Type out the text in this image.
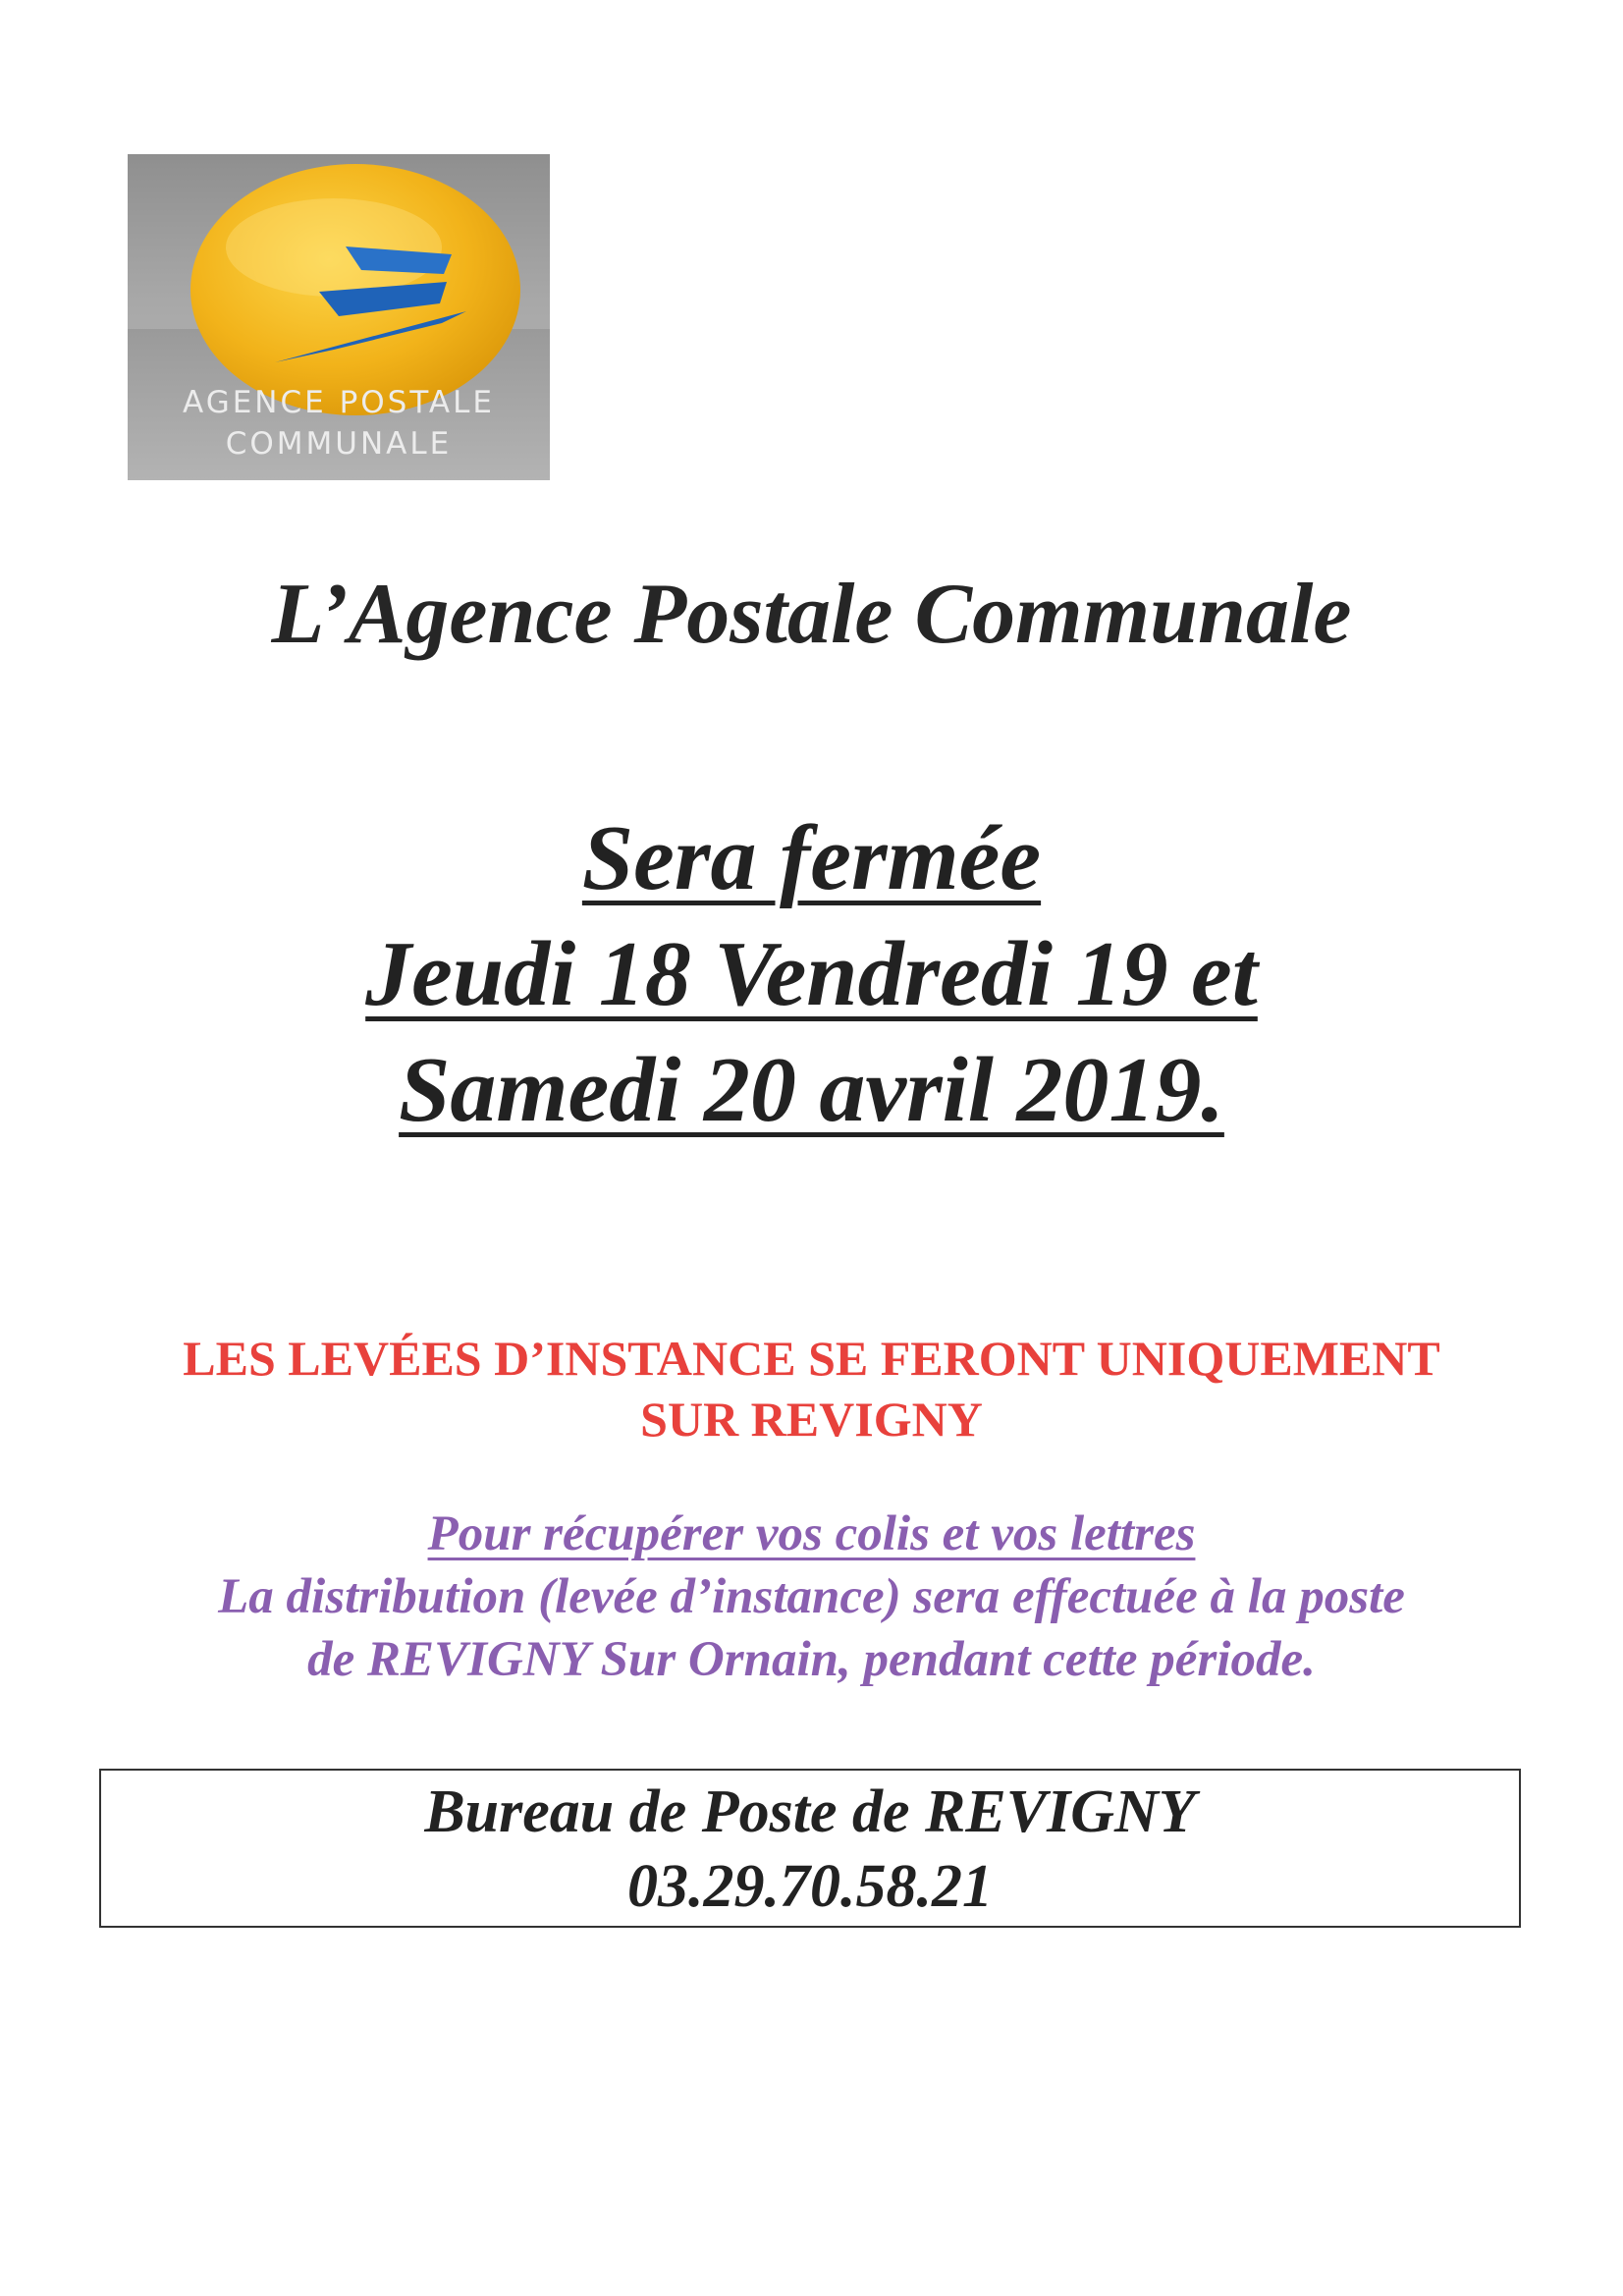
AGENCE POSTALE
COMMUNALE
L’Agence Postale Communale
Sera fermée
Jeudi 18 Vendredi 19 et
Samedi 20 avril 2019.
LES LEVÉES D’INSTANCE SE FERONT UNIQUEMENT
SUR REVIGNY
Pour récupérer vos colis et vos lettres
La distribution (levée d’instance) sera effectuée à la poste
de REVIGNY Sur Ornain, pendant cette période.
Bureau de Poste de REVIGNY
03.29.70.58.21
